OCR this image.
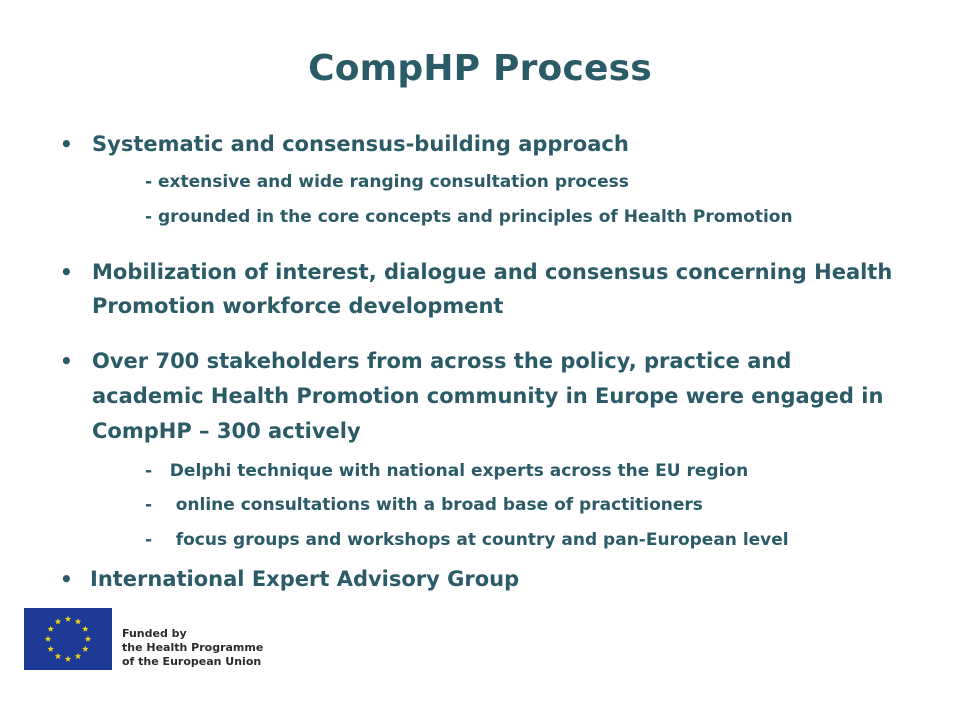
CompHP Process
• Systematic and consensus-building approach
- extensive and wide ranging consultation process
- grounded in the core concepts and principles of Health Promotion
• Mobilization of interest, dialogue and consensus concerning Health
Promotion workforce development
• Over 700 stakeholders from across the policy, practice and
academic Health Promotion community in Europe were engaged in
CompHP – 300 actively
-   Delphi technique with national experts across the EU region
-    online consultations with a broad base of practitioners
-    focus groups and workshops at country and pan-European level
• International Expert Advisory Group
Funded by
the Health Programme
of the European Union
